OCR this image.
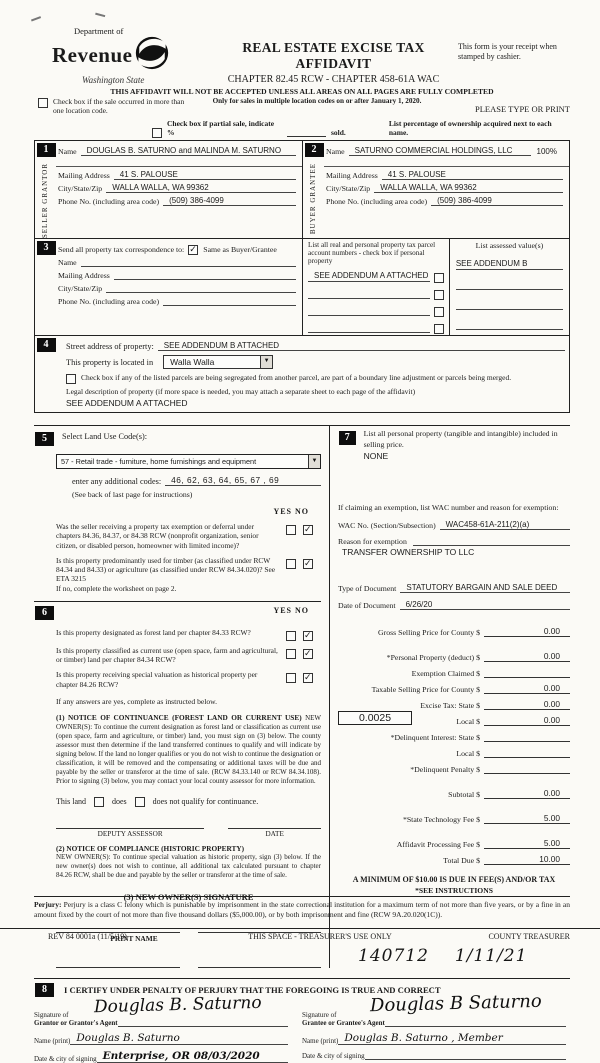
Department of
Revenue
Washington State
REAL ESTATE EXCISE TAX AFFIDAVIT
CHAPTER 82.45 RCW - CHAPTER 458-61A WAC
This form is your receipt when stamped by cashier.
THIS AFFIDAVIT WILL NOT BE ACCEPTED UNLESS ALL AREAS ON ALL PAGES ARE FULLY COMPLETED
Check box if the sale occurred in more than one location code.
Only for sales in multiple location codes on or after January 1, 2020.
PLEASE TYPE OR PRINT
Check box if partial sale, indicate %	sold.
List percentage of ownership acquired next to each name.
1
SELLER GRANTOR
Name	DOUGLAS B. SATURNO and MALINDA M. SATURNO
Mailing Address	41 S. PALOUSE
City/State/Zip	WALLA WALLA, WA 99362
Phone No. (including area code)	(509) 386-4099
2
BUYER GRANTEE
Name	SATURNO COMMERCIAL HOLDINGS, LLC	100%
Mailing Address	41 S. PALOUSE
City/State/Zip	WALLA WALLA, WA 99362
Phone No. (including area code)	(509) 386-4099
3	Send all property tax correspondence to: ✓	Same as Buyer/Grantee
Name
Mailing Address
City/State/Zip
Phone No. (including area code)
List all real and personal property tax parcel account numbers - check box if personal property
SEE ADDENDUM A ATTACHED
List assessed value(s)
SEE ADDENDUM B
4	Street address of property:	SEE ADDENDUM B ATTACHED
This property is located in	Walla Walla	▼
Check box if any of the listed parcels are being segregated from another parcel, are part of a boundary line adjustment or parcels being merged.
Legal description of property (if more space is needed, you may attach a separate sheet to each page of the affidavit)
SEE ADDENDUM A ATTACHED
5	Select Land Use Code(s):
57 - Retail trade - furniture, home furnishings and equipment	▼
enter any additional codes:	46, 62, 63, 64, 65, 67 , 69
(See back of last page for instructions)
YES NO
Was the seller receiving a property tax exemption or deferral under chapters 84.36, 84.37, or 84.38 RCW (nonprofit organization, senior citizen, or disabled person, homeowner with limited income)?
✓
Is this property predominantly used for timber (as classified under RCW 84.34 and 84.33) or agriculture (as classified under RCW 84.34.020)? See ETA 3215
If no, complete the worksheet on page 2.
✓
6	YES NO
Is this property designated as forest land per chapter 84.33 RCW?
✓
Is this property classified as current use (open space, farm and agricultural, or timber) land per chapter 84.34 RCW?
✓
Is this property receiving special valuation as historical property per chapter 84.26 RCW?
✓
If any answers are yes, complete as instructed below.
(1) NOTICE OF CONTINUANCE (FOREST LAND OR CURRENT USE) NEW OWNER(S): To continue the current designation as forest land or classification as current use (open space, farm and agriculture, or timber) land, you must sign on (3) below. The county assessor must then determine if the land transferred continues to qualify and will indicate by signing below. If the land no longer qualifies or you do not wish to continue the designation or classification, it will be removed and the compensating or additional taxes will be due and payable by the seller or transferor at the time of sale. (RCW 84.33.140 or RCW 84.34.108). Prior to signing (3) below, you may contact your local county assessor for more information.
This land	does	does not qualify for continuance.
DEPUTY ASSESSOR	DATE
(2) NOTICE OF COMPLIANCE (HISTORIC PROPERTY)
NEW OWNER(S): To continue special valuation as historic property, sign (3) below. If the new owner(s) does not wish to continue, all additional tax calculated pursuant to chapter 84.26 RCW, shall be due and payable by the seller or transferor at the time of sale.
(3) NEW OWNER(S) SIGNATURE
PRINT NAME
7	List all personal property (tangible and intangible) included in selling price.
NONE
If claiming an exemption, list WAC number and reason for exemption:
WAC No. (Section/Subsection)	WAC458-61A-211(2)(a)
Reason for exemption
TRANSFER OWNERSHIP TO LLC
Type of Document	STATUTORY BARGAIN AND SALE DEED
Date of Document	6/26/20
Gross Selling Price for County $	0.00
*Personal Property (deduct) $	0.00
Exemption Claimed $
Taxable Selling Price for County $	0.00
Excise Tax: State $	0.00
0.0025	Local $	0.00
*Delinquent Interest: State $
Local $
*Delinquent Penalty $
Subtotal $	0.00
*State Technology Fee $	5.00
Affidavit Processing Fee $	5.00
Total Due $	10.00
A MINIMUM OF $10.00 IS DUE IN FEE(S) AND/OR TAX
*SEE INSTRUCTIONS
8	I CERTIFY UNDER PENALTY OF PERJURY THAT THE FOREGOING IS TRUE AND CORRECT
Signature of
Grantor or Grantor's Agent
Douglas B. Saturno
Name (print) Douglas B. Saturno
Date & city of signing Enterprise, OR 08/03/2020
Signature of
Grantee or Grantee's Agent
Douglas B Saturno
Name (print) Douglas B. Saturno , Member
Date & city of signing
Perjury: Perjury is a class C felony which is punishable by imprisonment in the state correctional institution for a maximum term of not more than five years, or by a fine in an amount fixed by the court of not more than five thousand dollars ($5,000.00), or by both imprisonment and fine (RCW 9A.20.020(1C)).
REV 84 0001a (11/5/19)	THIS SPACE - TREASURER'S USE ONLY	COUNTY TREASURER
140712 1/11/21
